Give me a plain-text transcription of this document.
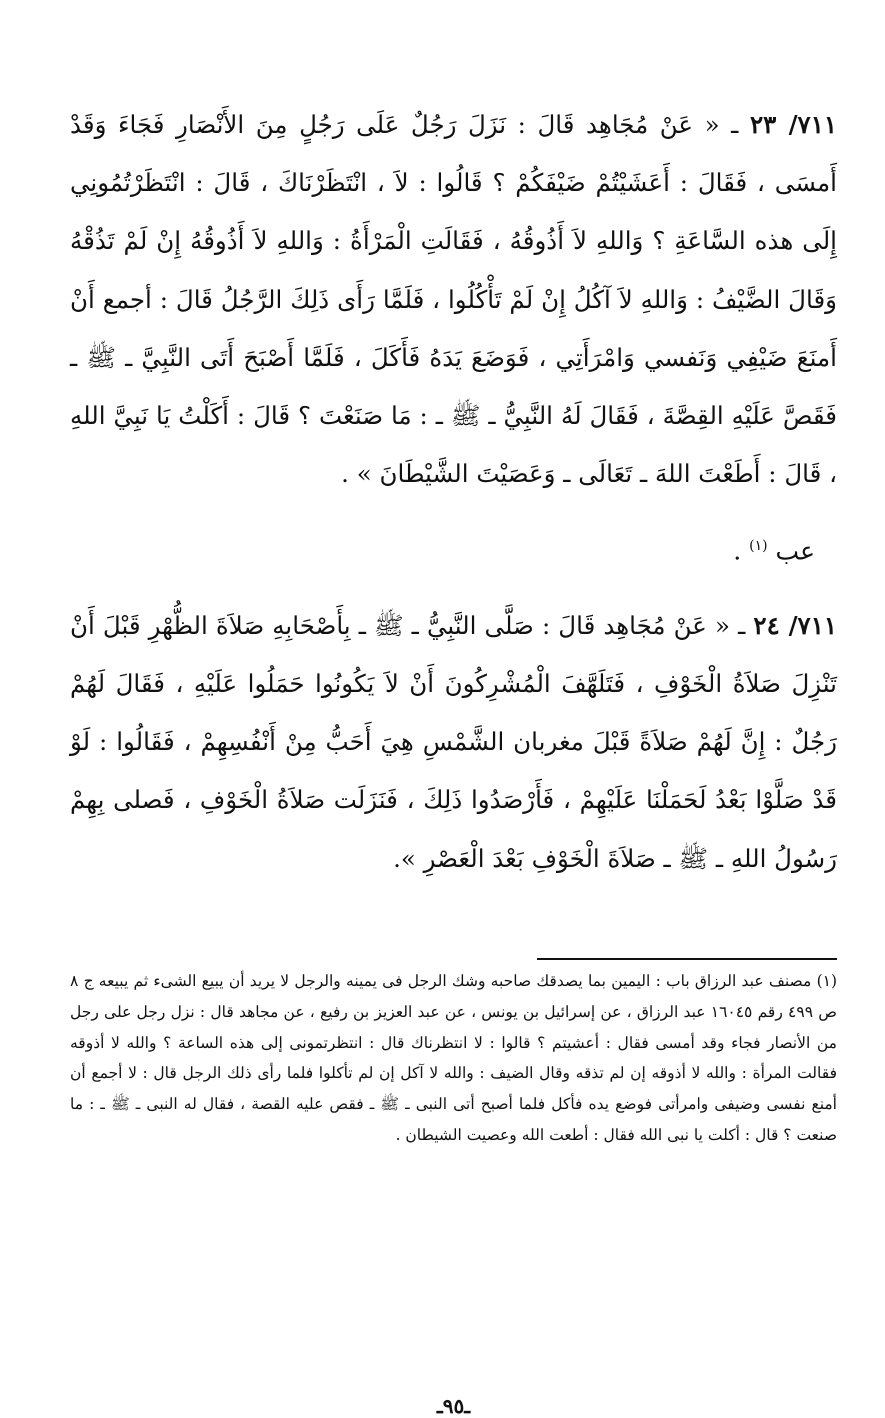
٧١١/ ٢٣ ـ « عَنْ مُجَاهِد قَالَ : نَزَلَ رَجُلٌ عَلَى رَجُلٍ مِنَ الأَنْصَارِ فَجَاءَ وَقَدْ أَمسَى ، فَقَالَ : أَعَشَيْتُمْ ضَيْفَكُمْ ؟ قَالُوا : لاَ ، انْتَظَرْنَاكَ ، قَالَ : انْتَظَرْتُمُونِي إِلَى هذه السَّاعَةِ ؟ وَاللهِ لاَ أَذُوقُهُ ، فَقَالَتِ الْمَرْأَةُ : وَاللهِ لاَ أَذُوقُهُ إِنْ لَمْ تَذُقْهُ وَقَالَ الضَّيْفُ : وَاللهِ لاَ آكُلُ إِنْ لَمْ تَأْكُلُوا ، فَلَمَّا رَأَى ذَلِكَ الرَّجُلُ قَالَ : أجمع أَنْ أَمنَعَ ضَيْفِي وَنَفسي وَامْرَأَتِي ، فَوَضَعَ يَدَهُ فَأَكَلَ ، فَلَمَّا أَصْبَحَ أَتَى النَّبِيَّ ـ ﷺ ـ فَقَصَّ عَلَيْهِ القِصَّةَ ، فَقَالَ لَهُ النَّبِيُّ ـ ﷺ ـ : مَا صَنَعْتَ ؟ قَالَ : أَكَلْتُ يَا نَبِيَّ اللهِ ، قَالَ : أَطَعْتَ اللهَ ـ تَعَالَى ـ وَعَصَيْتَ الشَّيْطَانَ » .

عب $^{(١)}$ .

٧١١/ ٢٤ ـ « عَنْ مُجَاهِد قَالَ : صَلَّى النَّبِيُّ ـ ﷺ ـ بِأَصْحَابِهِ صَلاَةَ الظُّهْرِ قَبْلَ أَنْ تَنْزِلَ صَلاَةُ الْخَوْفِ ، فَتَلَهَّفَ الْمُشْرِكُونَ أَنْ لاَ يَكُونُوا حَمَلُوا عَلَيْهِ ، فَقَالَ لَهُمْ رَجُلٌ : إِنَّ لَهُمْ صَلاَةً قَبْلَ مغربان الشَّمْسِ هِيَ أَحَبُّ مِنْ أَنْفُسِهِمْ ، فَقَالُوا : لَوْ قَدْ صَلَّوْا بَعْدُ لَحَمَلْنَا عَلَيْهِمْ ، فَأَرْصَدُوا ذَلِكَ ، فَنَزَلَت صَلاَةُ الْخَوْفِ ، فَصلى بِهِمْ رَسُولُ اللهِ ـ ﷺ ـ صَلاَةَ الْخَوْفِ بَعْدَ الْعَصْرِ ».

(١) مصنف عبد الرزاق باب : اليمين بما يصدقك صاحبه وشك الرجل فى يمينه والرجل لا يريد أن يبيع الشىء ثم يبيعه ج ٨ ص ٤٩٩ رقم ١٦٠٤٥ عبد الرزاق ، عن إسرائيل بن يونس ، عن عبد العزيز بن رفيع ، عن مجاهد قال : نزل رجل على رجل من الأنصار فجاء وقد أمسى فقال : أعشيتم ؟ قالوا : لا انتظرناك قال : انتظرتمونى إلى هذه الساعة ؟ والله لا أذوقه فقالت المرأة : والله لا أذوقه إن لم تذقه وقال الضيف : والله لا آكل إن لم تأكلوا فلما رأى ذلك الرجل قال : لا أجمع أن أمنع نفسى وضيفى وامرأتى فوضع يده فأكل فلما أصبح أتى النبى ـ ﷺ ـ فقص عليه القصة ، فقال له النبى ـ ﷺ ـ : ما صنعت ؟ قال : أكلت يا نبى الله فقال : أطعت الله وعصيت الشيطان .

ـ٩٥ـ
